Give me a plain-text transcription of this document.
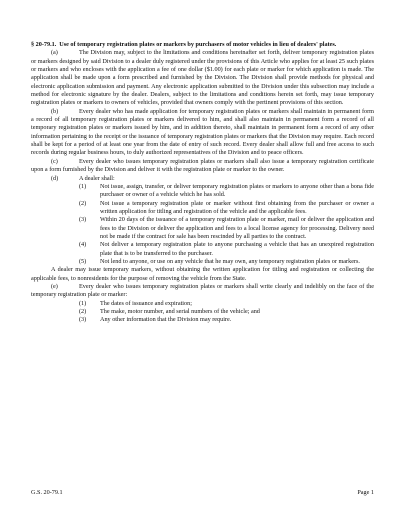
§ 20-79.1. Use of temporary registration plates or markers by purchasers of motor vehicles in lieu of dealers' plates.

(a)	The Division may, subject to the limitations and conditions hereinafter set forth, deliver temporary registration plates or markers designed by said Division to a dealer duly registered under the provisions of this Article who applies for at least 25 such plates or markers and who encloses with the application a fee of one dollar ($1.00) for each plate or marker for which application is made. The application shall be made upon a form prescribed and furnished by the Division. The Division shall provide methods for physical and electronic application submission and payment. Any electronic application submitted to the Division under this subsection may include a method for electronic signature by the dealer. Dealers, subject to the limitations and conditions herein set forth, may issue temporary registration plates or markers to owners of vehicles, provided that owners comply with the pertinent provisions of this section.

(b)	Every dealer who has made application for temporary registration plates or markers shall maintain in permanent form a record of all temporary registration plates or markers delivered to him, and shall also maintain in permanent form a record of all temporary registration plates or markers issued by him, and in addition thereto, shall maintain in permanent form a record of any other information pertaining to the receipt or the issuance of temporary registration plates or markers that the Division may require. Each record shall be kept for a period of at least one year from the date of entry of such record. Every dealer shall allow full and free access to such records during regular business hours, to duly authorized representatives of the Division and to peace officers.

(c)	Every dealer who issues temporary registration plates or markers shall also issue a temporary registration certificate upon a form furnished by the Division and deliver it with the registration plate or marker to the owner.

(d)	A dealer shall:
(1)	Not issue, assign, transfer, or deliver temporary registration plates or markers to anyone other than a bona fide purchaser or owner of a vehicle which he has sold.
(2)	Not issue a temporary registration plate or marker without first obtaining from the purchaser or owner a written application for titling and registration of the vehicle and the applicable fees.
(3)	Within 20 days of the issuance of a temporary registration plate or marker, mail or deliver the application and fees to the Division or deliver the application and fees to a local license agency for processing. Delivery need not be made if the contract for sale has been rescinded by all parties to the contract.
(4)	Not deliver a temporary registration plate to anyone purchasing a vehicle that has an unexpired registration plate that is to be transferred to the purchaser.
(5)	Not lend to anyone, or use on any vehicle that he may own, any temporary registration plates or markers.

A dealer may issue temporary markers, without obtaining the written application for titling and registration or collecting the applicable fees, to nonresidents for the purpose of removing the vehicle from the State.

(e)	Every dealer who issues temporary registration plates or markers shall write clearly and indelibly on the face of the temporary registration plate or marker:

(1)	The dates of issuance and expiration;
(2)	The make, motor number, and serial numbers of the vehicle; and
(3)	Any other information that the Division may require.
G.S. 20-79.1	Page 1
